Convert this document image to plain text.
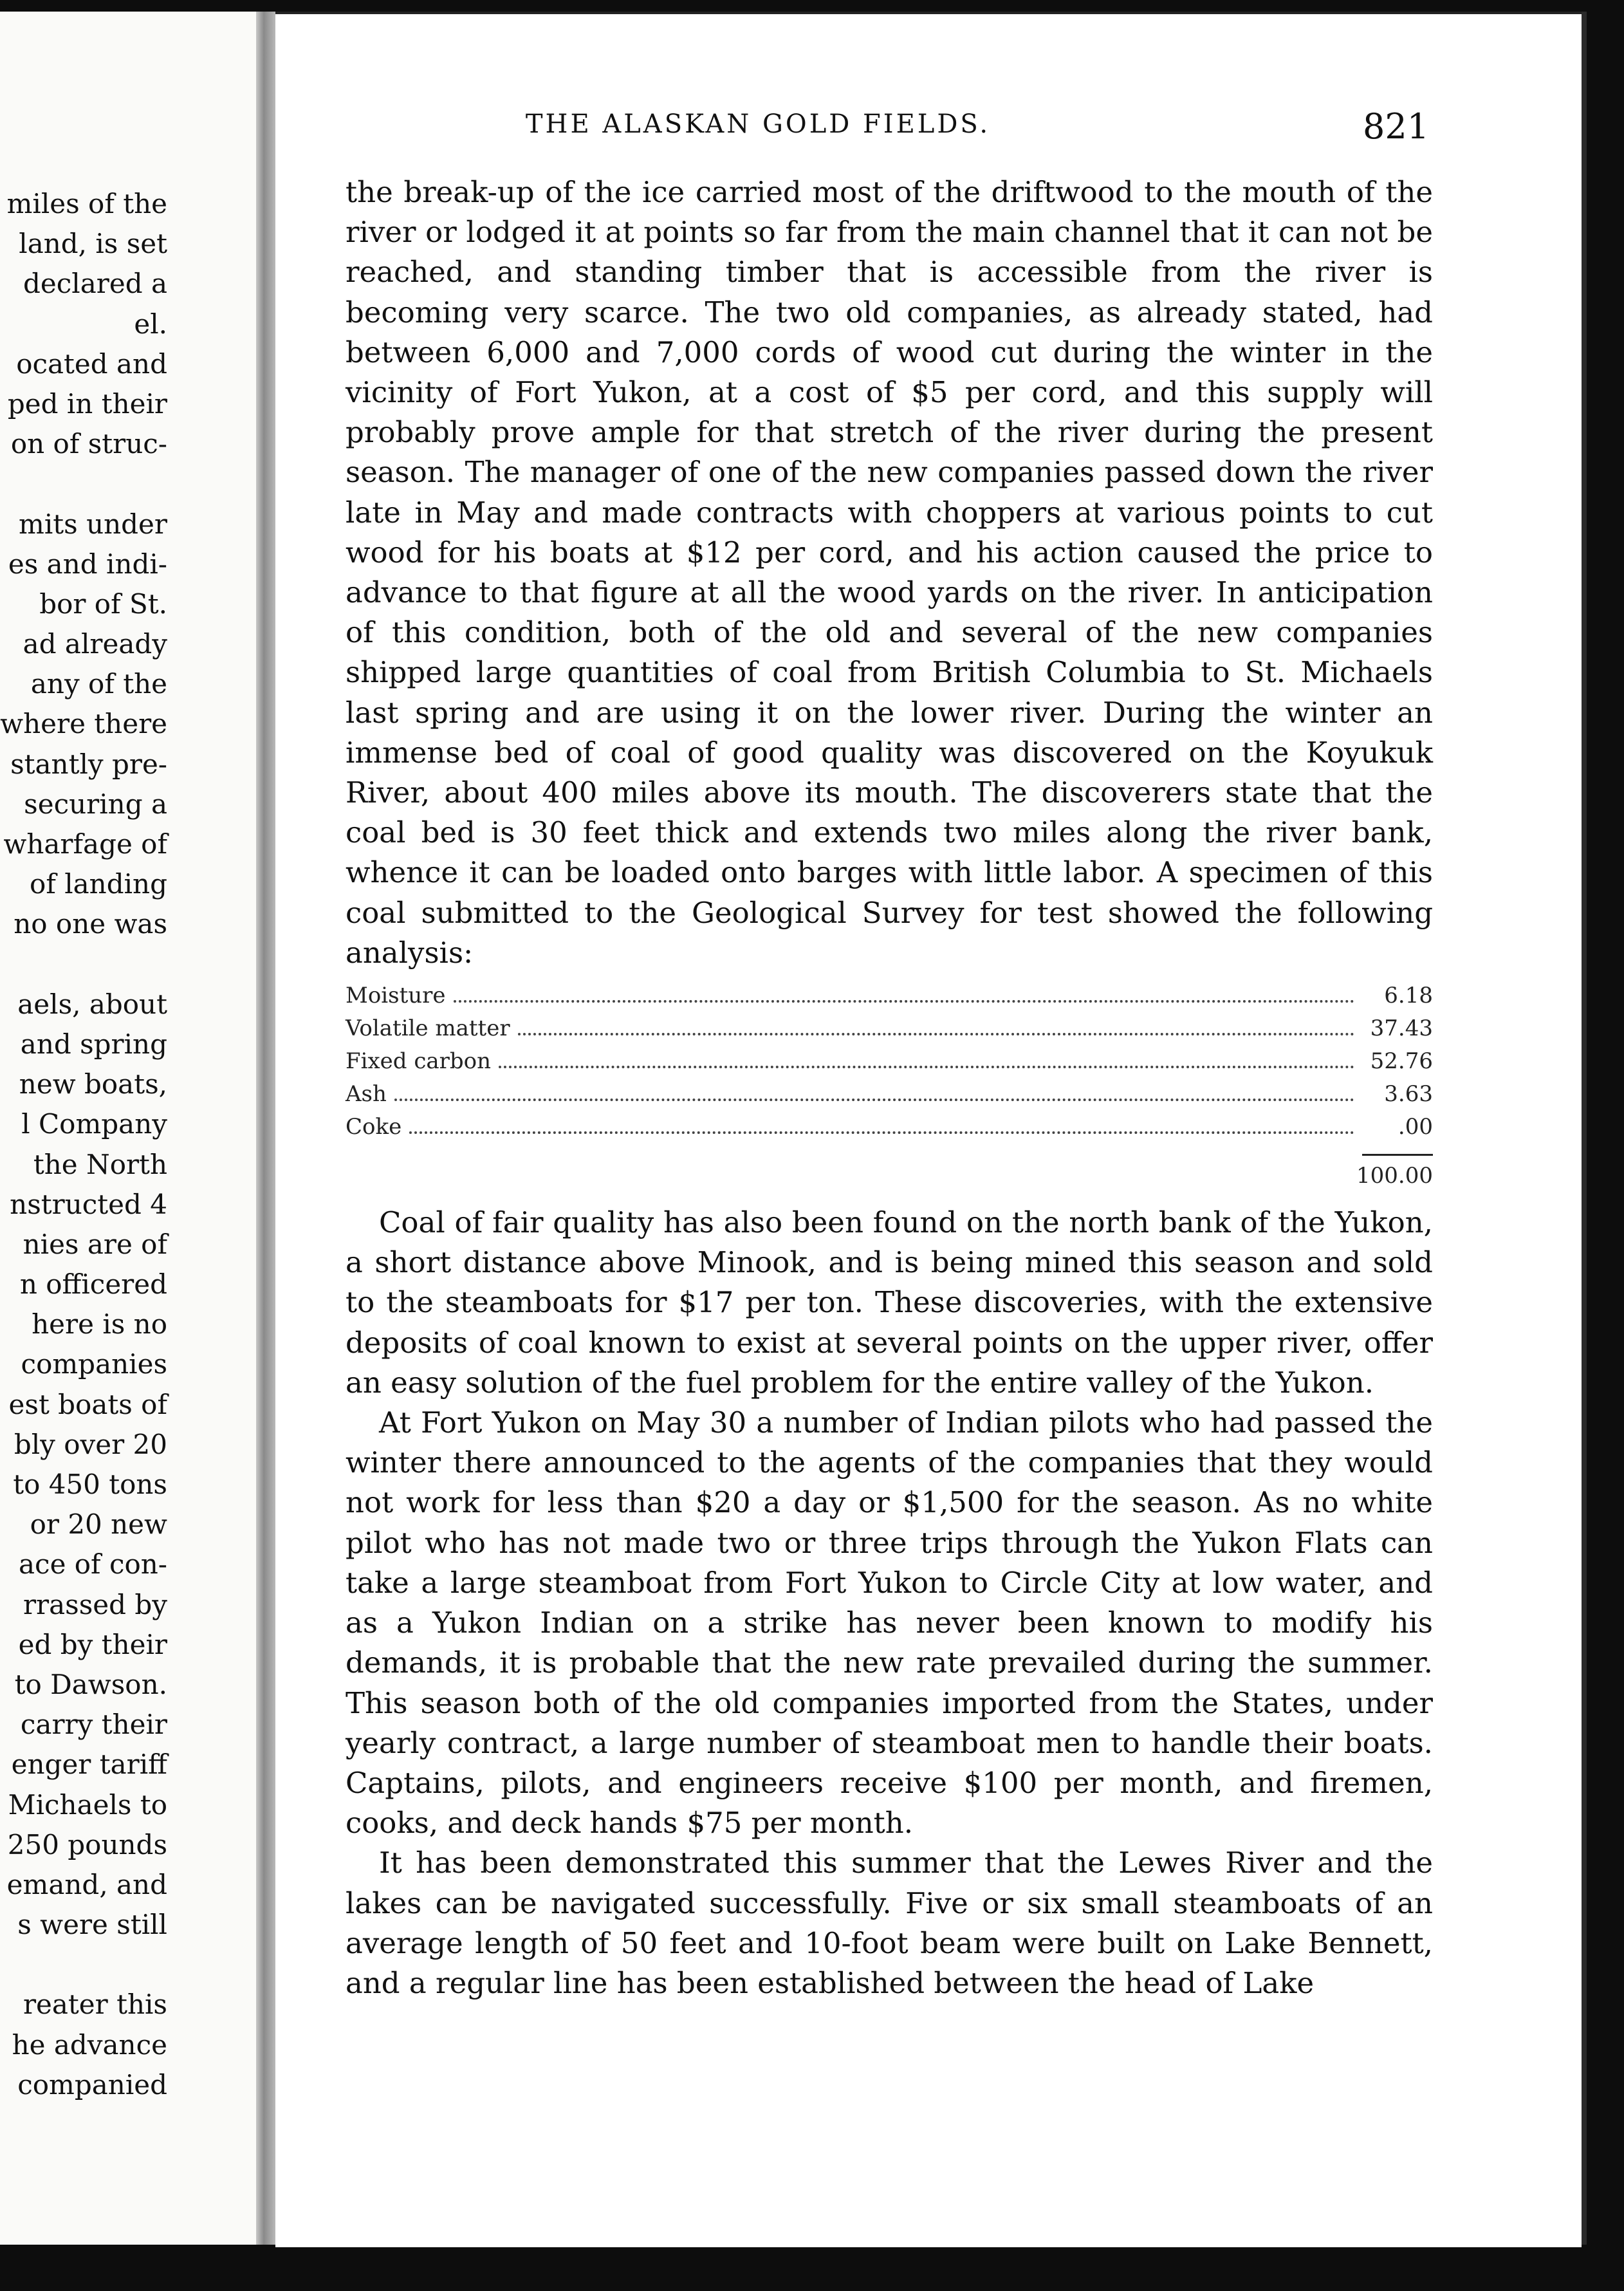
miles of the
land, is set
declared a
el.
ocated and
ped in their
on of struc-
mits under
es and indi-
bor of St.
ad already
any of the
where there
stantly pre-
securing a
wharfage of
of landing
no one was
aels, about
and spring
new boats,
l Company
the North
nstructed 4
nies are of
n officered
here is no
companies
est boats of
bly over 20
to 450 tons
or 20 new
ace of con-
rrassed by
ed by their
to Dawson.
carry their
enger tariff
Michaels to
250 pounds
emand, and
s were still
reater this
he advance
companied
THE ALASKAN GOLD FIELDS.	821

the break-up of the ice carried most of the driftwood to the mouth of the river or lodged it at points so far from the main channel that it can not be reached, and standing timber that is accessible from the river is becoming very scarce. The two old companies, as already stated, had between 6,000 and 7,000 cords of wood cut during the winter in the vicinity of Fort Yukon, at a cost of $5 per cord, and this supply will probably prove ample for that stretch of the river during the present season. The manager of one of the new companies passed down the river late in May and made contracts with choppers at various points to cut wood for his boats at $12 per cord, and his action caused the price to advance to that figure at all the wood yards on the river. In anticipation of this condition, both of the old and several of the new companies shipped large quantities of coal from British Columbia to St. Michaels last spring and are using it on the lower river. During the winter an immense bed of coal of good quality was discovered on the Koyukuk River, about 400 miles above its mouth. The discoverers state that the coal bed is 30 feet thick and extends two miles along the river bank, whence it can be loaded onto barges with little labor. A specimen of this coal submitted to the Geological Survey for test showed the following analysis:

Moisture	6.18
Volatile matter	37.43
Fixed carbon	52.76
Ash	3.63
Coke	.00
100.00

Coal of fair quality has also been found on the north bank of the Yukon, a short distance above Minook, and is being mined this season and sold to the steamboats for $17 per ton. These discoveries, with the extensive deposits of coal known to exist at several points on the upper river, offer an easy solution of the fuel problem for the entire valley of the Yukon.

At Fort Yukon on May 30 a number of Indian pilots who had passed the winter there announced to the agents of the companies that they would not work for less than $20 a day or $1,500 for the season. As no white pilot who has not made two or three trips through the Yukon Flats can take a large steamboat from Fort Yukon to Circle City at low water, and as a Yukon Indian on a strike has never been known to modify his demands, it is probable that the new rate prevailed during the summer. This season both of the old companies imported from the States, under yearly contract, a large number of steamboat men to handle their boats. Captains, pilots, and engineers receive $100 per month, and firemen, cooks, and deck hands $75 per month.

It has been demonstrated this summer that the Lewes River and the lakes can be navigated successfully. Five or six small steamboats of an average length of 50 feet and 10-foot beam were built on Lake Bennett, and a regular line has been established between the head of Lake
